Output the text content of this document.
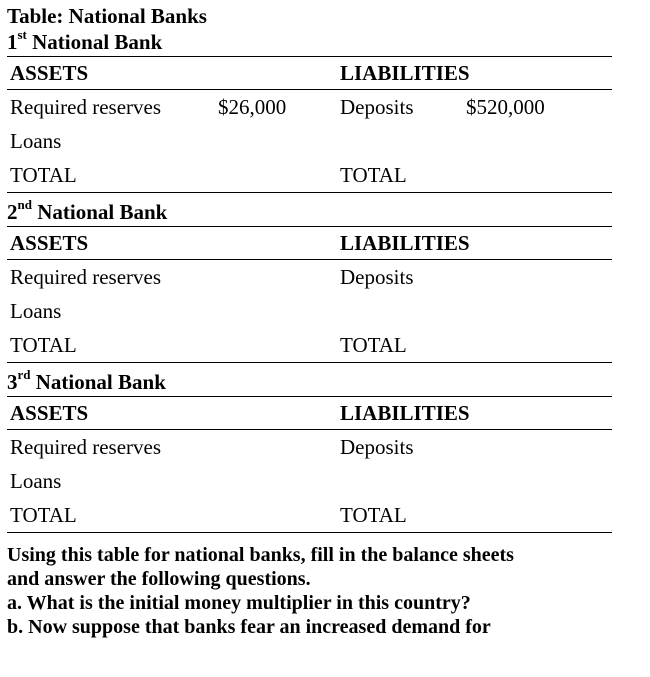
Table: National Banks
1st National Bank
ASSETS	LIABILITIES
Required reserves	$26,000	Deposits	$520,000
Loans
TOTAL	TOTAL
2nd National Bank
ASSETS	LIABILITIES
Required reserves	Deposits
Loans
TOTAL	TOTAL
3rd National Bank
ASSETS	LIABILITIES
Required reserves	Deposits
Loans
TOTAL	TOTAL
Using this table for national banks, fill in the balance sheets
and answer the following questions.
a. What is the initial money multiplier in this country?
b. Now suppose that banks fear an increased demand for
